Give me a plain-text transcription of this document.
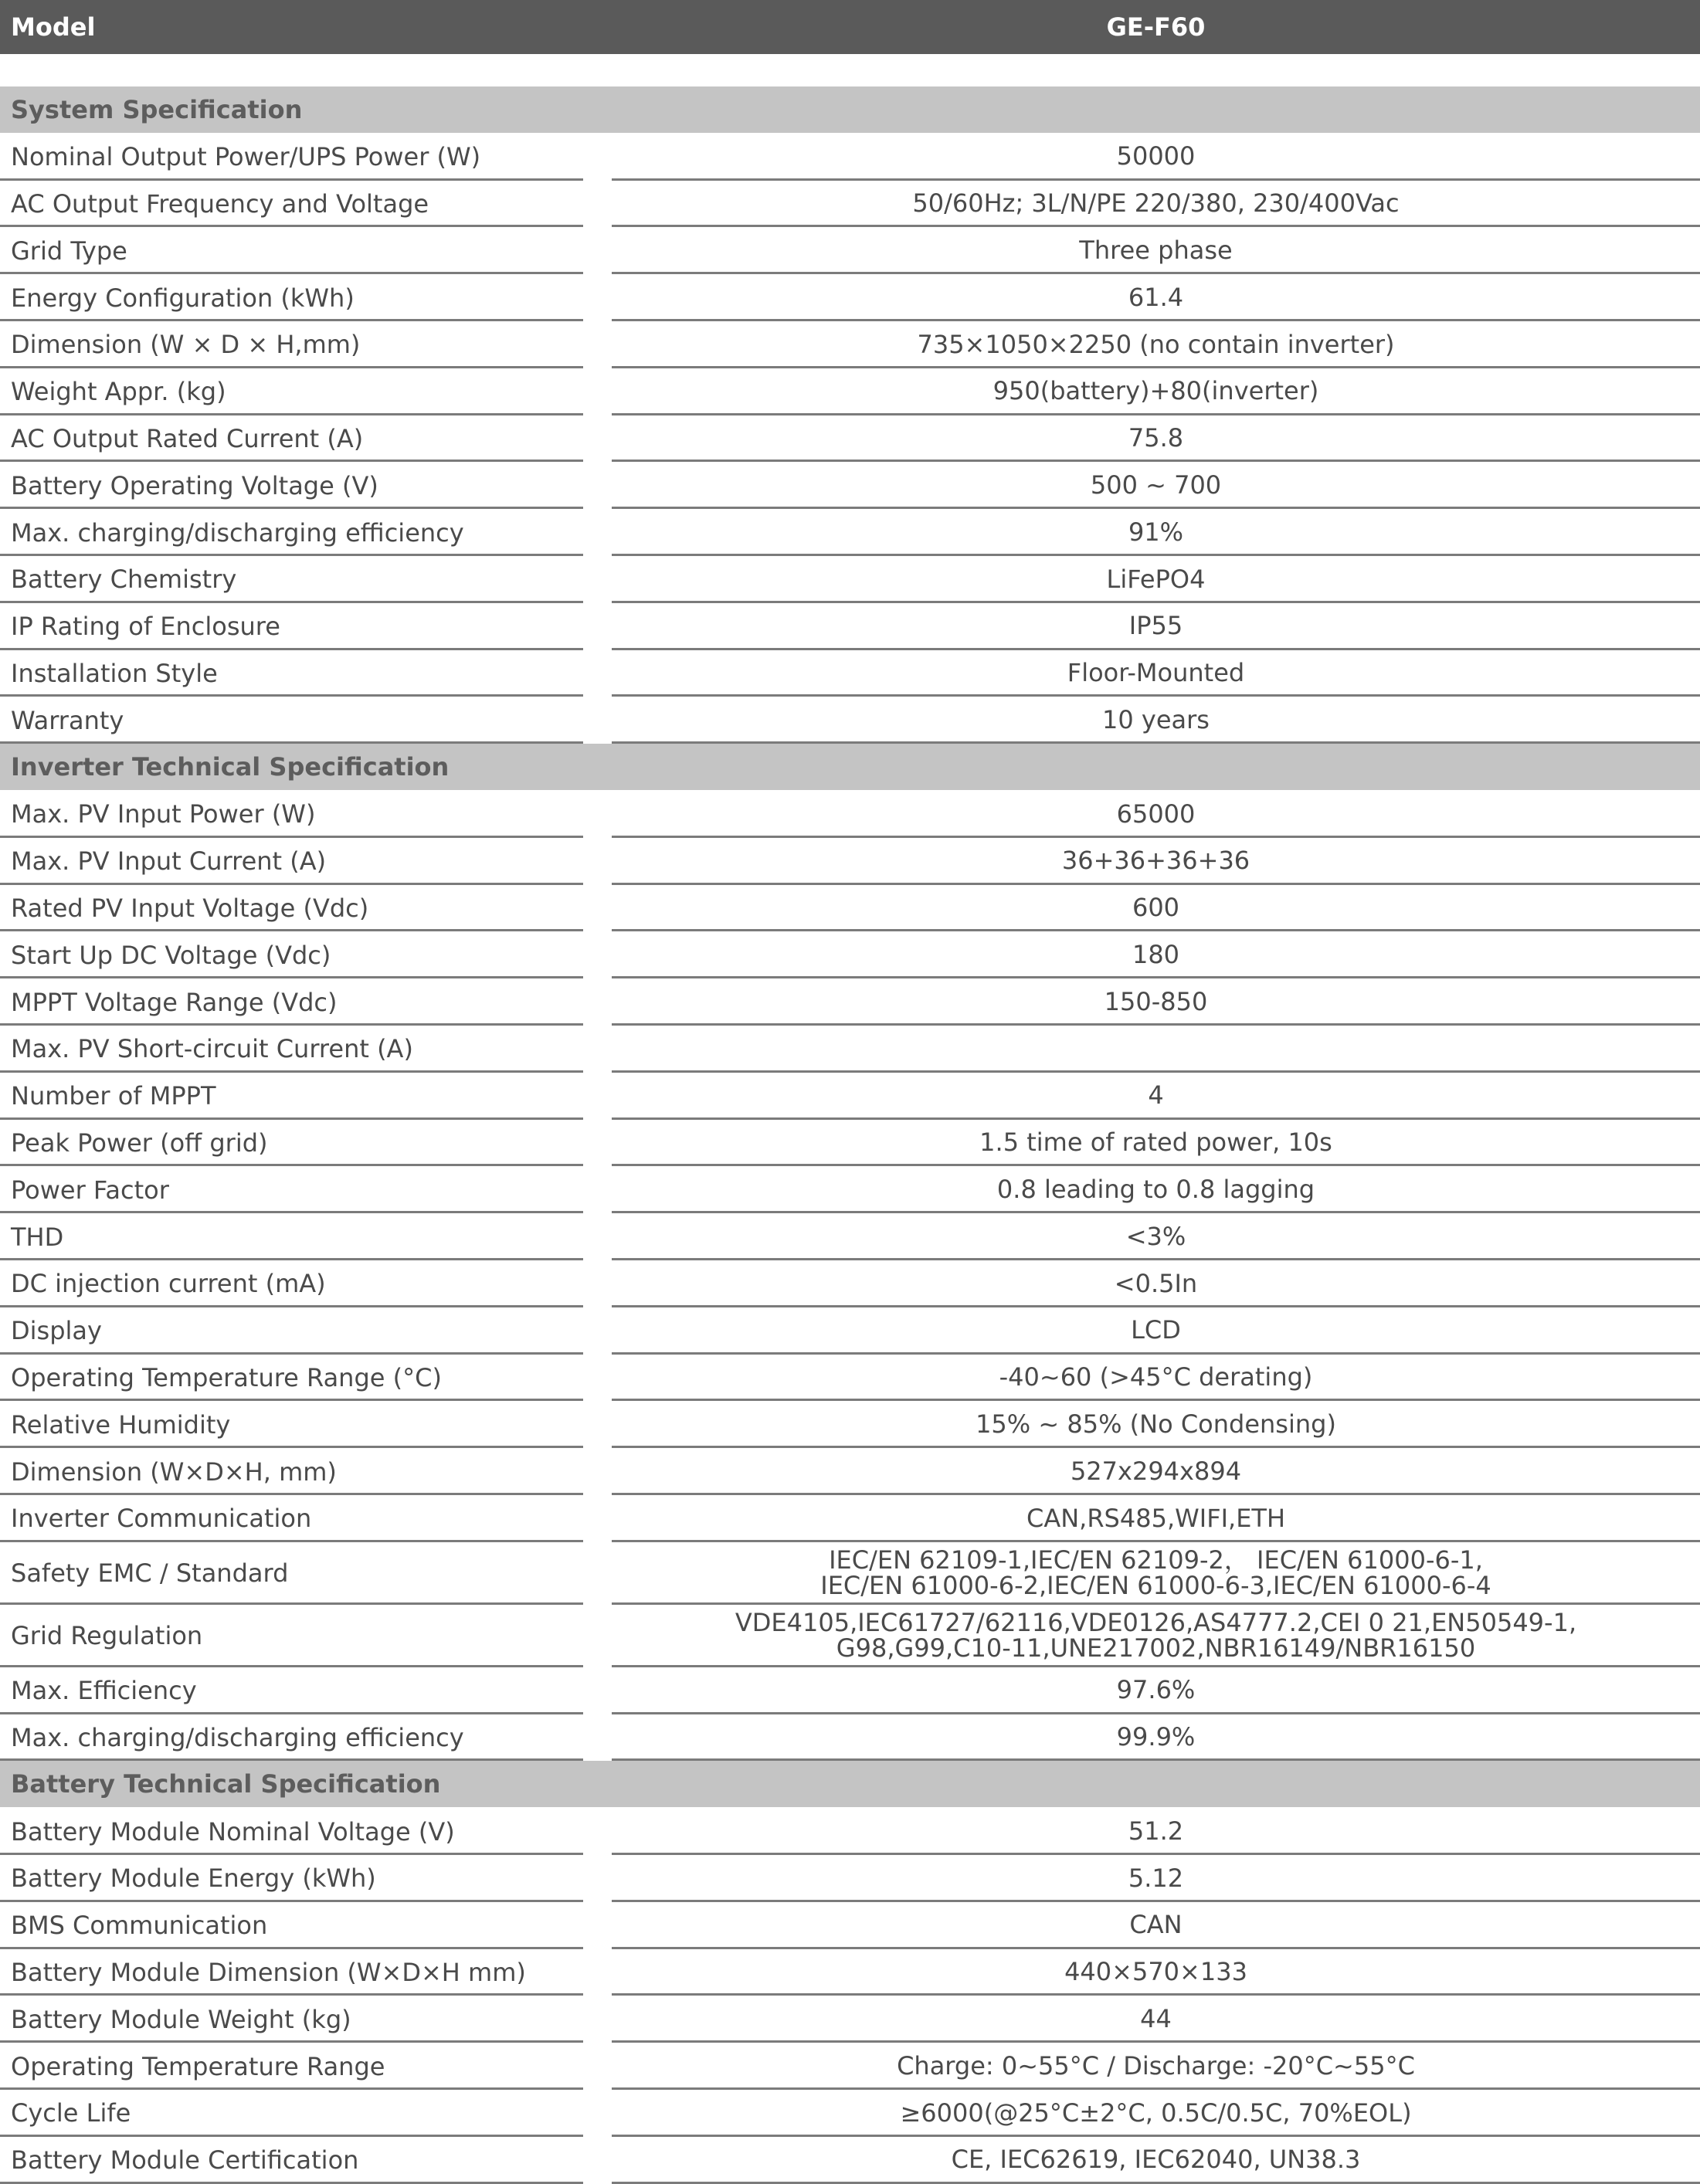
Model	GE-F60
System Specification
Nominal Output Power/UPS Power (W)	50000
AC Output Frequency and Voltage	50/60Hz; 3L/N/PE 220/380, 230/400Vac
Grid Type	Three phase
Energy Configuration (kWh)	61.4
Dimension (W × D × H,mm)	735×1050×2250 (no contain inverter)
Weight Appr. (kg)	950(battery)+80(inverter)
AC Output Rated Current (A)	75.8
Battery Operating Voltage (V)	500 ~ 700
Max. charging/discharging efficiency	91%
Battery Chemistry	LiFePO4
IP Rating of Enclosure	IP55
Installation Style	Floor-Mounted
Warranty	10 years
Inverter Technical Specification
Max. PV Input Power (W)	65000
Max. PV Input Current (A)	36+36+36+36
Rated PV Input Voltage (Vdc)	600
Start Up DC Voltage (Vdc)	180
MPPT Voltage Range (Vdc)	150-850
Max. PV Short-circuit Current (A)
Number of MPPT	4
Peak Power (off grid)	1.5 time of rated power, 10s
Power Factor	0.8 leading to 0.8 lagging
THD	<3%
DC injection current (mA)	<0.5In
Display	LCD
Operating Temperature Range (°C)	-40~60 (>45°C derating)
Relative Humidity	15% ~ 85% (No Condensing)
Dimension (W×D×H, mm)	527x294x894
Inverter Communication	CAN,RS485,WIFI,ETH
Safety EMC / Standard	IEC/EN 62109-1,IEC/EN 62109-2， IEC/EN 61000-6-1,
IEC/EN 61000-6-2,IEC/EN 61000-6-3,IEC/EN 61000-6-4
Grid Regulation	VDE4105,IEC61727/62116,VDE0126,AS4777.2,CEI 0 21,EN50549-1,
G98,G99,C10-11,UNE217002,NBR16149/NBR16150
Max. Efficiency	97.6%
Max. charging/discharging efficiency	99.9%
Battery Technical Specification
Battery Module Nominal Voltage (V)	51.2
Battery Module Energy (kWh)	5.12
BMS Communication	CAN
Battery Module Dimension (W×D×H mm)	440×570×133
Battery Module Weight (kg)	44
Operating Temperature Range	Charge: 0~55°C / Discharge: -20°C~55°C
Cycle Life	≥6000(@25°C±2°C, 0.5C/0.5C, 70%EOL)
Battery Module Certification	CE, IEC62619, IEC62040, UN38.3
